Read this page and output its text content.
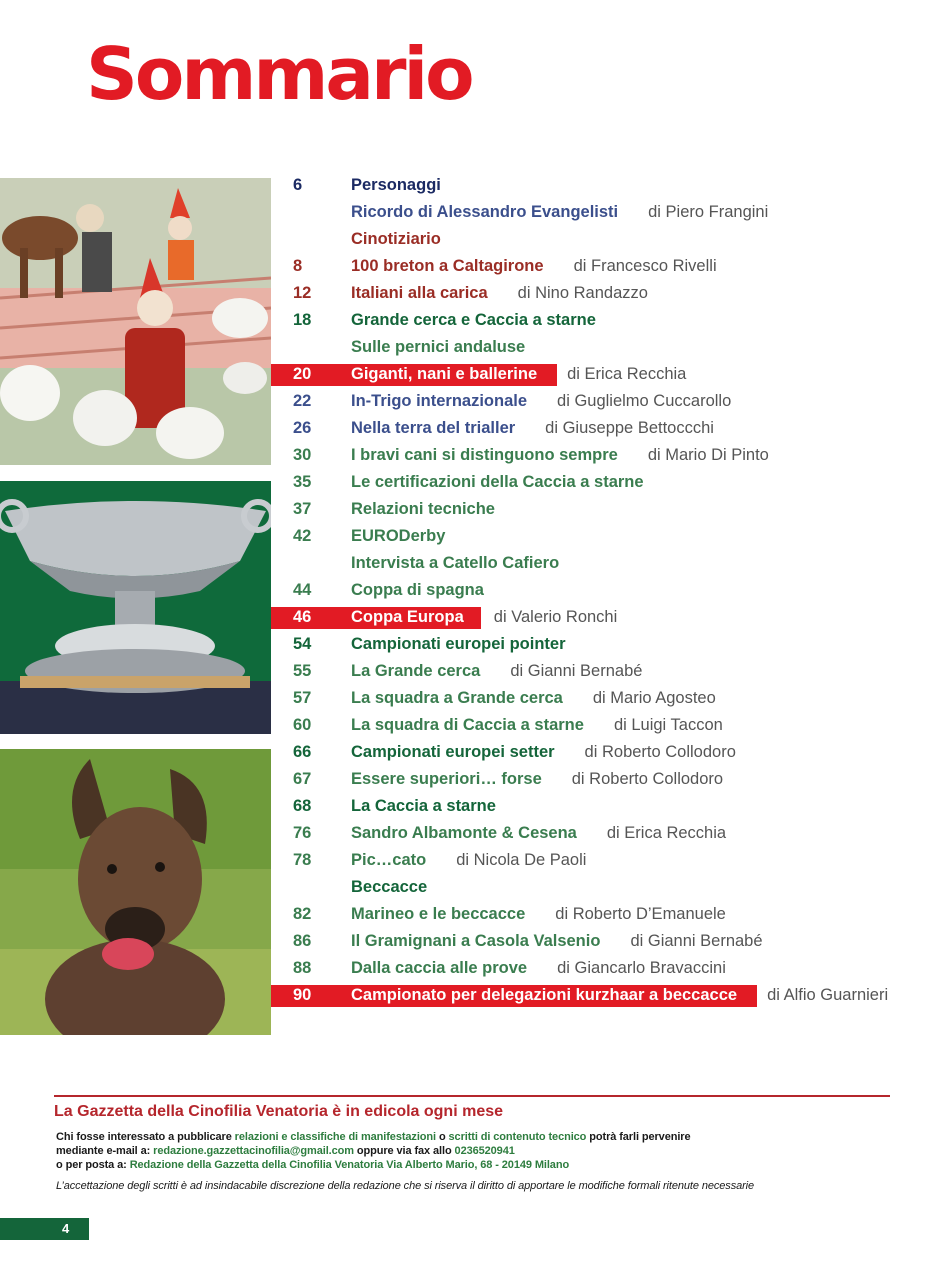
Sommario
6	Personaggi
Ricordo di Alessandro Evangelisti di Piero Frangini
Cinotiziario
8	100 breton a Caltagirone di Francesco Rivelli
12 Italiani alla carica di Nino Randazzo
18 Grande cerca e Caccia a starne
Sulle pernici andaluse
20 Giganti, nani e ballerine di Erica Recchia
22 In-Trigo internazionale di Guglielmo Cuccarollo
26 Nella terra del trialler di Giuseppe Bettoccchi
30 I bravi cani si distinguono sempre di Mario Di Pinto
35 Le certificazioni della Caccia a starne
37 Relazioni tecniche
42 EURODerby
Intervista a Catello Cafiero
44 Coppa di spagna
46 Coppa Europa di Valerio Ronchi
54 Campionati europei pointer
55 La Grande cerca di Gianni Bernabé
57 La squadra a Grande cerca di Mario Agosteo
60 La squadra di Caccia a starne di Luigi Taccon
66 Campionati europei setter di Roberto Collodoro
67 Essere superiori… forse di Roberto Collodoro
68 La Caccia a starne
76 Sandro Albamonte & Cesena di Erica Recchia
78 Pic…cato di Nicola De Paoli
Beccacce
82 Marineo e le beccacce di Roberto D’Emanuele
86 Il Gramignani a Casola Valsenio di Gianni Bernabé
88 Dalla caccia alle prove di Giancarlo Bravaccini
90 Campionato per delegazioni kurzhaar a beccacce di Alfio Guarnieri
La Gazzetta della Cinofilia Venatoria è in edicola ogni mese
Chi fosse interessato a pubblicare relazioni e classifiche di manifestazioni o scritti di contenuto tecnico potrà farli pervenire
mediante e-mail a: redazione.gazzettacinofilia@gmail.com oppure via fax allo 0236520941
o per posta a: Redazione della Gazzetta della Cinofilia Venatoria Via Alberto Mario, 68 - 20149 Milano
L’accettazione degli scritti è ad insindacabile discrezione della redazione che si riserva il diritto di apportare le modifiche formali ritenute necessarie
4
